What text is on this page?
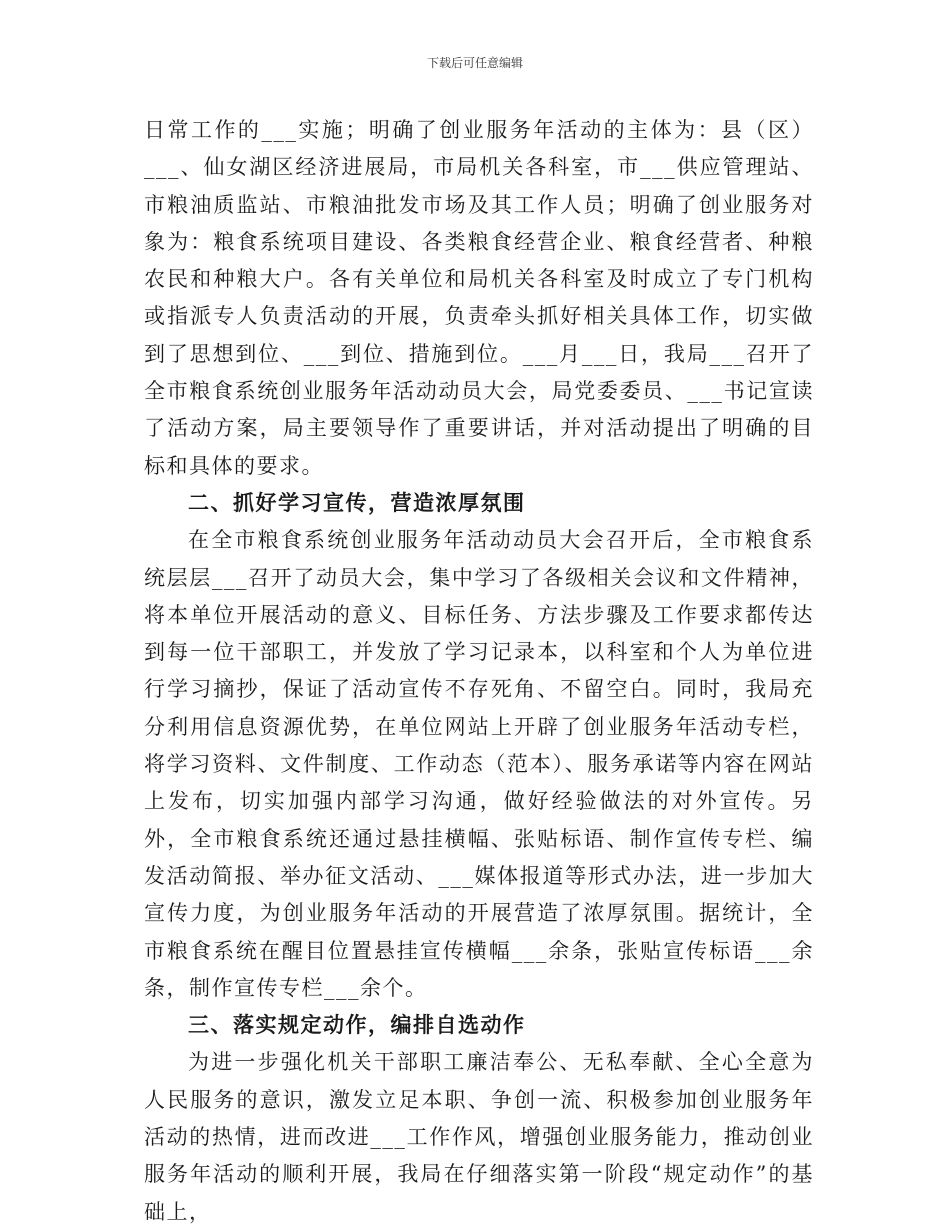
下载后可任意编辑

日常工作的___实施；明确了创业服务年活动的主体为：县（区）___、仙女湖区经济进展局，市局机关各科室，市___供应管理站、市粮油质监站、市粮油批发市场及其工作人员；明确了创业服务对象为：粮食系统项目建设、各类粮食经营企业、粮食经营者、种粮农民和种粮大户。各有关单位和局机关各科室及时成立了专门机构或指派专人负责活动的开展，负责牵头抓好相关具体工作，切实做到了思想到位、___到位、措施到位。___月___日，我局___召开了全市粮食系统创业服务年活动动员大会，局党委委员、___书记宣读了活动方案，局主要领导作了重要讲话，并对活动提出了明确的目标和具体的要求。

二、抓好学习宣传，营造浓厚氛围

在全市粮食系统创业服务年活动动员大会召开后，全市粮食系统层层___召开了动员大会，集中学习了各级相关会议和文件精神，将本单位开展活动的意义、目标任务、方法步骤及工作要求都传达到每一位干部职工，并发放了学习记录本，以科室和个人为单位进行学习摘抄，保证了活动宣传不存死角、不留空白。同时，我局充分利用信息资源优势，在单位网站上开辟了创业服务年活动专栏，将学习资料、文件制度、工作动态（范本）、服务承诺等内容在网站上发布，切实加强内部学习沟通，做好经验做法的对外宣传。另外，全市粮食系统还通过悬挂横幅、张贴标语、制作宣传专栏、编发活动简报、举办征文活动、___媒体报道等形式办法，进一步加大宣传力度，为创业服务年活动的开展营造了浓厚氛围。据统计，全市粮食系统在醒目位置悬挂宣传横幅___余条，张贴宣传标语___余条，制作宣传专栏___余个。

三、落实规定动作，编排自选动作

为进一步强化机关干部职工廉洁奉公、无私奉献、全心全意为人民服务的意识，激发立足本职、争创一流、积极参加创业服务年活动的热情，进而改进___工作作风，增强创业服务能力，推动创业服务年活动的顺利开展，我局在仔细落实第一阶段“规定动作”的基础上，
